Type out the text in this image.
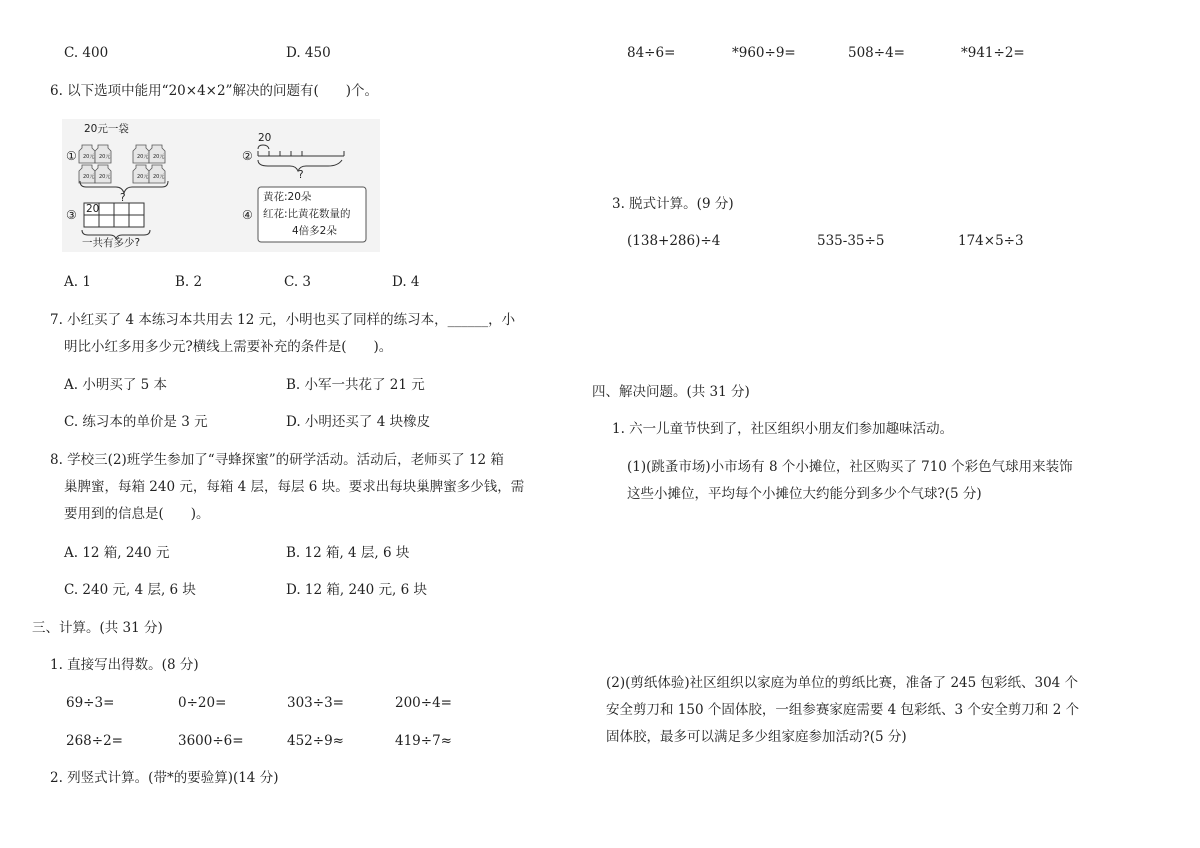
C. 400	D. 450
6. 以下选项中能用“20×4×2”解决的问题有(　　)个。
20元一袋
① 20元 20元
20元 20元
20元 20元
20元 20元
?
②
20
?
③ 20
一共有多少?
④
黄花:20朵
红花:比黄花数量的
4倍多2朵
A. 1	B. 2	C. 3	D. 4
7. 小红买了 4 本练习本共用去 12 元，小明也买了同样的练习本，______，小
明比小红多用多少元?横线上需要补充的条件是(　　)。
A. 小明买了 5 本	B. 小军一共花了 21 元
C. 练习本的单价是 3 元	D. 小明还买了 4 块橡皮
8. 学校三(2)班学生参加了“寻蜂探蜜”的研学活动。活动后，老师买了 12 箱
巢脾蜜，每箱 240 元，每箱 4 层，每层 6 块。要求出每块巢脾蜜多少钱，需
要用到的信息是(　　)。
A. 12 箱, 240 元	B. 12 箱, 4 层, 6 块
C. 240 元, 4 层, 6 块	D. 12 箱, 240 元, 6 块
三、计算。(共 31 分)
1. 直接写出得数。(8 分)
69÷3=	0÷20=	303÷3=	200÷4=
268÷2=	3600÷6=	452÷9≈	419÷7≈
2. 列竖式计算。(带*的要验算)(14 分)
84÷6=	*960÷9=	508÷4=	*941÷2=
3. 脱式计算。(9 分)
(138+286)÷4	535-35÷5	174×5÷3
四、解决问题。(共 31 分)
1. 六一儿童节快到了，社区组织小朋友们参加趣味活动。
(1)(跳蚤市场)小市场有 8 个小摊位，社区购买了 710 个彩色气球用来装饰
这些小摊位，平均每个小摊位大约能分到多少个气球?(5 分)
(2)(剪纸体验)社区组织以家庭为单位的剪纸比赛，准备了 245 包彩纸、304 个
安全剪刀和 150 个固体胶，一组参赛家庭需要 4 包彩纸、3 个安全剪刀和 2 个
固体胶，最多可以满足多少组家庭参加活动?(5 分)
